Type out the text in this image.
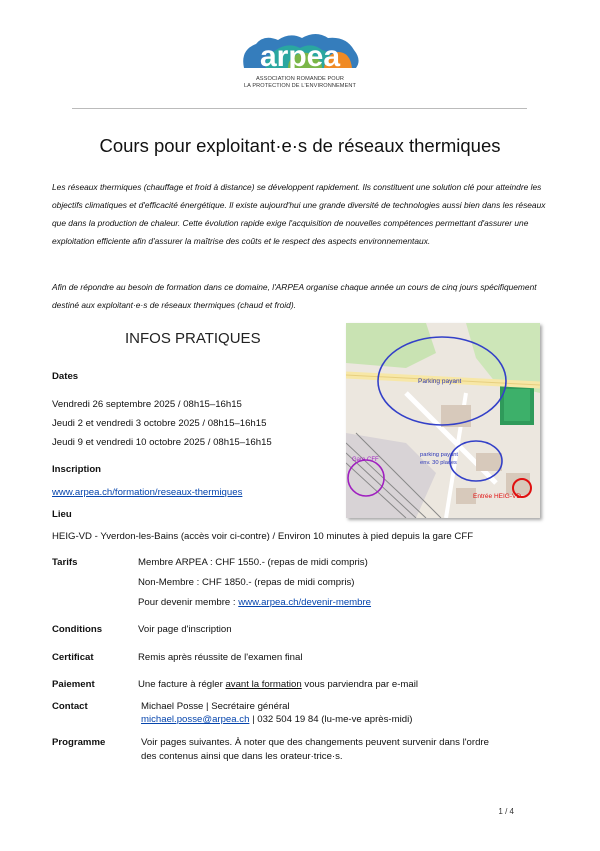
arpea
ASSOCIATION ROMANDE POUR
LA PROTECTION DE L'ENVIRONNEMENT
Cours pour exploitant·e·s de réseaux thermiques
Les réseaux thermiques (chauffage et froid à distance) se développent rapidement. Ils constituent une solution clé pour atteindre les objectifs climatiques et d'efficacité énergétique. Il existe aujourd'hui une grande diversité de technologies aussi bien dans les réseaux que dans la production de chaleur. Cette évolution rapide exige l'acquisition de nouvelles compétences permettant d'assurer une exploitation efficiente afin d'assurer la maîtrise des coûts et le respect des aspects environnementaux.
Afin de répondre au besoin de formation dans ce domaine, l'ARPEA organise chaque année un cours de cinq jours spécifiquement destiné aux exploitant·e·s de réseaux thermiques (chaud et froid).
INFOS PRATIQUES
Dates
Vendredi 26 septembre 2025 / 08h15–16h15
Jeudi 2 et vendredi 3 octobre 2025 / 08h15–16h15
Jeudi 9 et vendredi 10 octobre 2025 / 08h15–16h15
Inscription
www.arpea.ch/formation/reseaux-thermiques
Lieu
HEIG-VD - Yverdon-les-Bains (accès voir ci-contre) / Environ 10 minutes à pied depuis la gare CFF
Parking payant
parking payant
env. 30 places
Gare CFF
Entrée HEIG-VD
Tarifs	Membre ARPEA : CHF 1550.- (repas de midi compris)
Non-Membre : CHF 1850.- (repas de midi compris)
Pour devenir membre : www.arpea.ch/devenir-membre
Conditions	Voir page d'inscription
Certificat	Remis après réussite de l'examen final
Paiement	Une facture à régler avant la formation vous parviendra par e-mail
Contact	Michael Posse | Secrétaire général
michael.posse@arpea.ch | 032 504 19 84 (lu-me-ve après-midi)
Programme	Voir pages suivantes. À noter que des changements peuvent survenir dans l'ordre
des contenus ainsi que dans les orateur·trice·s.
1 / 4
